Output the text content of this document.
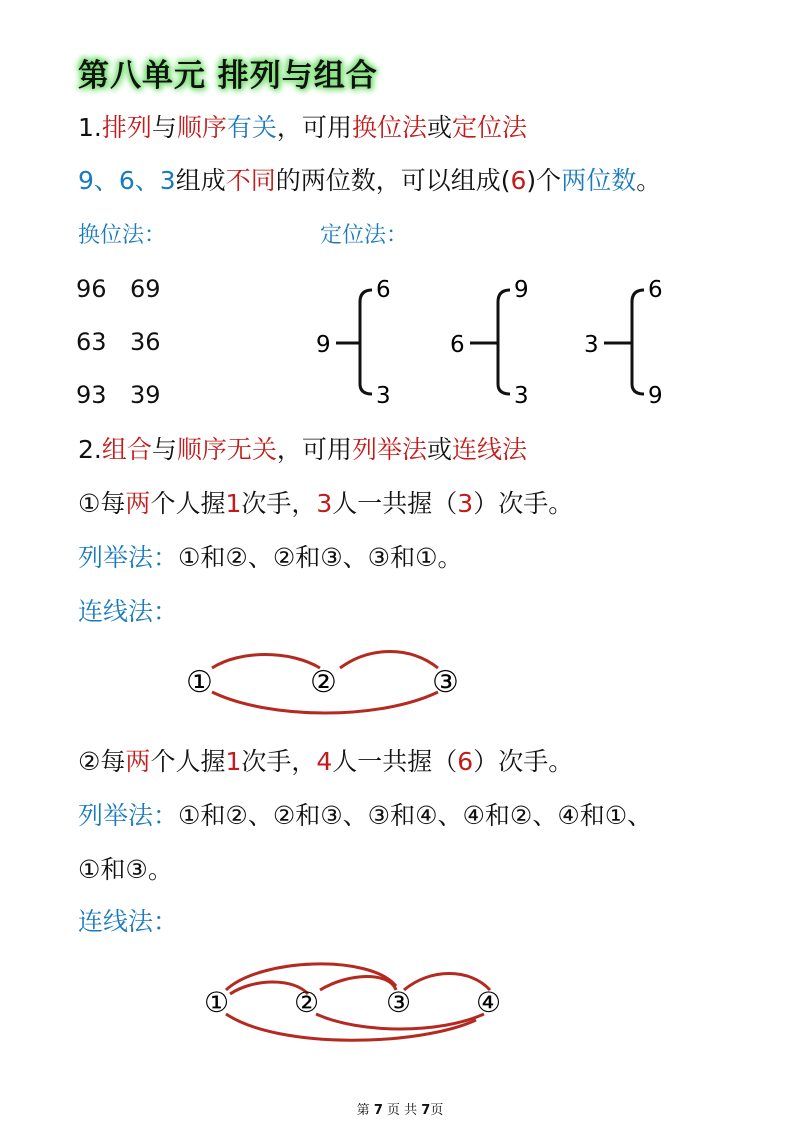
第八单元 排列与组合
1.排列与顺序有关，可用换位法或定位法
9、6、3组成不同的两位数，可以组成(6)个两位数。
换位法：	定位法：
96 69
63 36
93 39
9
6
3
6
9
3
3
6
9
2.组合与顺序无关，可用列举法或连线法
①每两个人握1次手，3人一共握（3）次手。
列举法：①和②、②和③、③和①。
连线法：
①	②	③
②每两个人握1次手，4人一共握（6）次手。
列举法：①和②、②和③、③和④、④和②、④和①、
①和③。
连线法：
① ② ③ ④
第 7 页 共 7页
